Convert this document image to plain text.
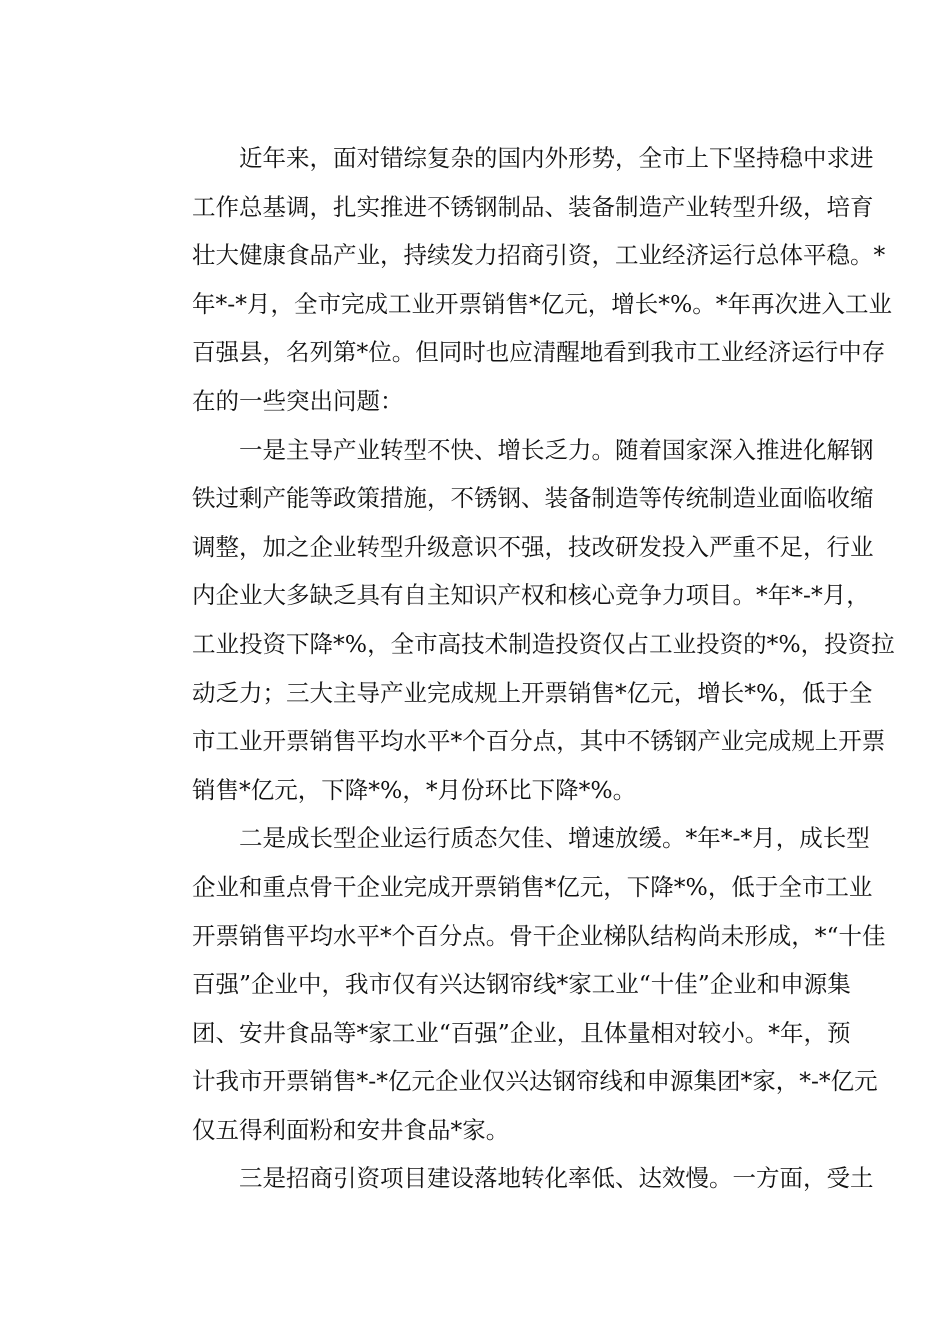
近年来，面对错综复杂的国内外形势，全市上下坚持稳中求进
工作总基调，扎实推进不锈钢制品、装备制造产业转型升级，培育
壮大健康食品产业，持续发力招商引资，工业经济运行总体平稳。*
年*-*月，全市完成工业开票销售*亿元，增长*%。*年再次进入工业
百强县，名列第*位。但同时也应清醒地看到我市工业经济运行中存
在的一些突出问题：
一是主导产业转型不快、增长乏力。随着国家深入推进化解钢
铁过剩产能等政策措施，不锈钢、装备制造等传统制造业面临收缩
调整，加之企业转型升级意识不强，技改研发投入严重不足，行业
内企业大多缺乏具有自主知识产权和核心竞争力项目。*年*-*月，
工业投资下降*%，全市高技术制造投资仅占工业投资的*%，投资拉
动乏力；三大主导产业完成规上开票销售*亿元，增长*%，低于全
市工业开票销售平均水平*个百分点，其中不锈钢产业完成规上开票
销售*亿元，下降*%，*月份环比下降*%。
二是成长型企业运行质态欠佳、增速放缓。*年*-*月，成长型
企业和重点骨干企业完成开票销售*亿元，下降*%，低于全市工业
开票销售平均水平*个百分点。骨干企业梯队结构尚未形成，*“十佳
百强”企业中，我市仅有兴达钢帘线*家工业“十佳”企业和申源集
团、安井食品等*家工业“百强”企业，且体量相对较小。*年，预
计我市开票销售*-*亿元企业仅兴达钢帘线和申源集团*家，*-*亿元
仅五得利面粉和安井食品*家。
三是招商引资项目建设落地转化率低、达效慢。一方面，受土
